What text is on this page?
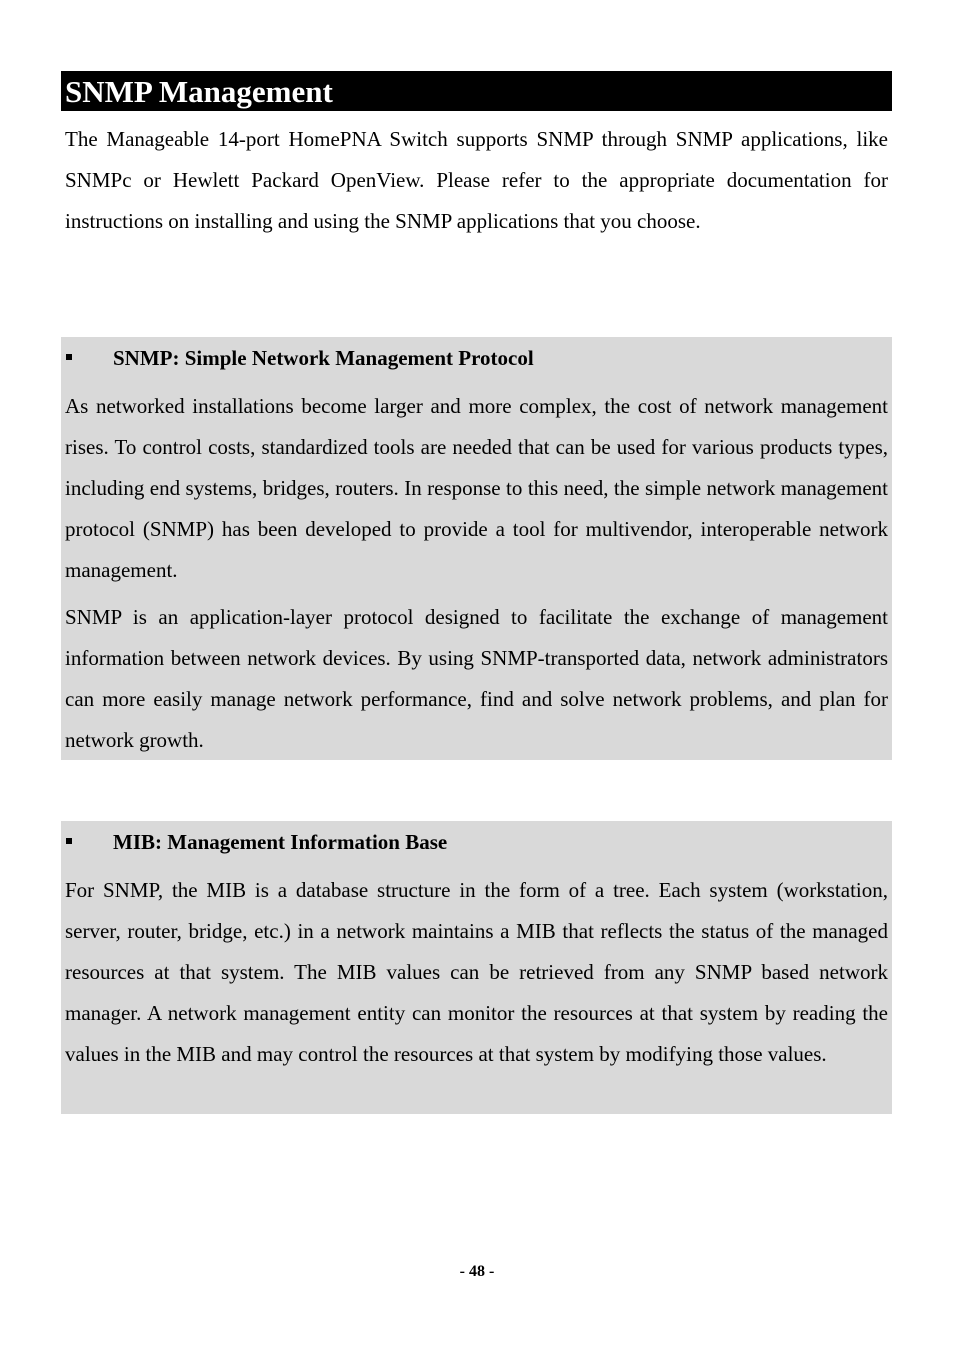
SNMP Management

The Manageable 14-port HomePNA Switch supports SNMP through SNMP applications, like SNMPc or Hewlett Packard OpenView. Please refer to the appropriate documentation for instructions on installing and using the SNMP applications that you choose.

SNMP: Simple Network Management Protocol

As networked installations become larger and more complex, the cost of network management rises. To control costs, standardized tools are needed that can be used for various products types, including end systems, bridges, routers. In response to this need, the simple network management protocol (SNMP) has been developed to provide a tool for multivendor, interoperable network management.

SNMP is an application-layer protocol designed to facilitate the exchange of management information between network devices. By using SNMP-transported data, network administrators can more easily manage network performance, find and solve network problems, and plan for network growth.

MIB: Management Information Base

For SNMP, the MIB is a database structure in the form of a tree. Each system (workstation, server, router, bridge, etc.) in a network maintains a MIB that reflects the status of the managed resources at that system. The MIB values can be retrieved from any SNMP based network manager. A network management entity can monitor the resources at that system by reading the values in the MIB and may control the resources at that system by modifying those values.

- 48 -
